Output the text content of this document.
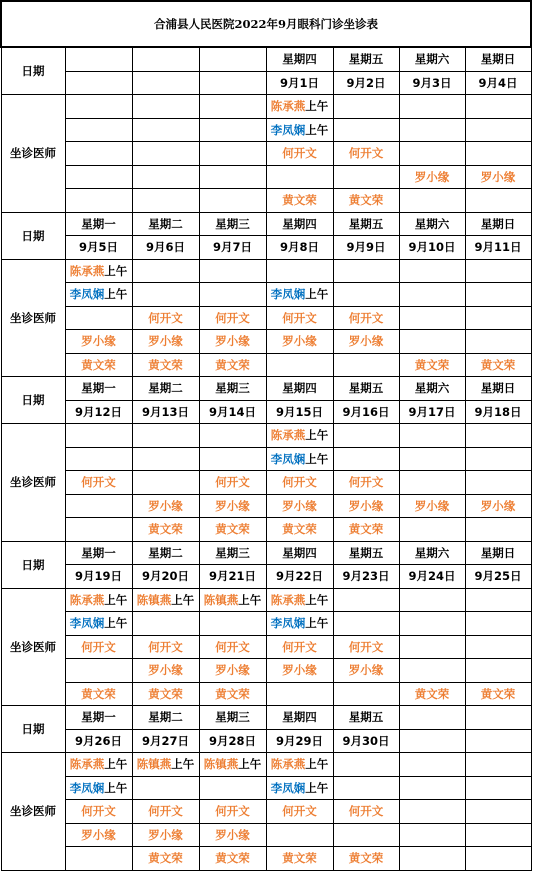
合浦县人民医院2022年9月眼科门诊坐诊表							
日期				星期四	星期五	星期六	星期日
				9月1日	9月2日	9月3日	9月4日
坐诊医师				陈承燕上午			
				李凤娴上午			
				何开文	何开文		
						罗小缘	罗小缘
				黄文荣	黄文荣		
日期	星期一	星期二	星期三	星期四	星期五	星期六	星期日
	9月5日	9月6日	9月7日	9月8日	9月9日	9月10日	9月11日
坐诊医师	陈承燕上午						
	李凤娴上午			李凤娴上午			
		何开文	何开文	何开文	何开文		
	罗小缘	罗小缘	罗小缘	罗小缘	罗小缘		
	黄文荣	黄文荣	黄文荣			黄文荣	黄文荣
日期	星期一	星期二	星期三	星期四	星期五	星期六	星期日
	9月12日	9月13日	9月14日	9月15日	9月16日	9月17日	9月18日
坐诊医师				陈承燕上午			
				李凤娴上午			
	何开文		何开文	何开文	何开文		
		罗小缘	罗小缘	罗小缘	罗小缘	罗小缘	罗小缘
		黄文荣	黄文荣	黄文荣	黄文荣		
日期	星期一	星期二	星期三	星期四	星期五	星期六	星期日
	9月19日	9月20日	9月21日	9月22日	9月23日	9月24日	9月25日
坐诊医师	陈承燕上午	陈镇燕上午	陈镇燕上午	陈承燕上午			
	李凤娴上午			李凤娴上午			
	何开文	何开文	何开文	何开文	何开文		
		罗小缘	罗小缘	罗小缘	罗小缘		
	黄文荣	黄文荣	黄文荣			黄文荣	黄文荣
日期	星期一	星期二	星期三	星期四	星期五		
	9月26日	9月27日	9月28日	9月29日	9月30日		
坐诊医师	陈承燕上午	陈镇燕上午	陈镇燕上午	陈承燕上午			
	李凤娴上午			李凤娴上午			
	何开文	何开文	何开文	何开文	何开文		
	罗小缘	罗小缘	罗小缘				
		黄文荣	黄文荣	黄文荣	黄文荣		
